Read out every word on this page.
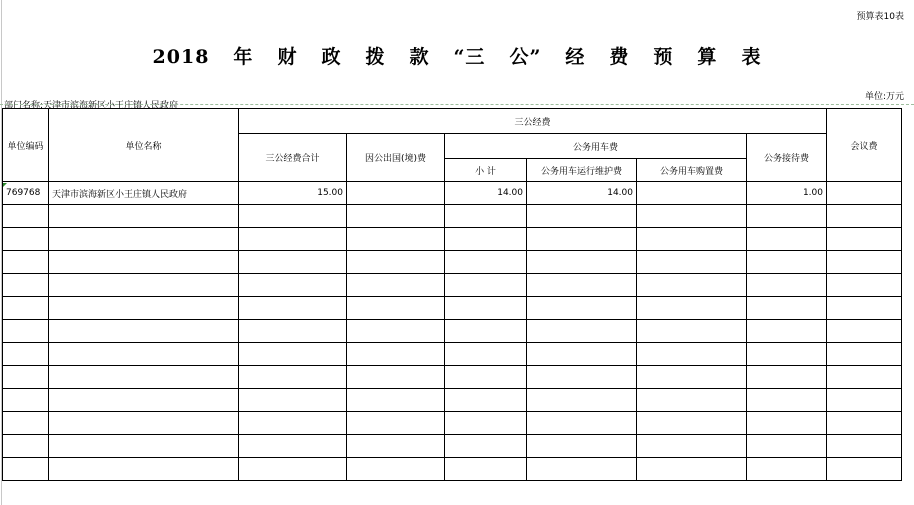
预算表10表
2018 年 财 政 拨 款 “三 公” 经 费 预 算 表
部门名称:天津市滨海新区小王庄镇人民政府
单位:万元
单位编码	单位名称	三公经费						会议费
		三公经费合计	因公出国(境)费	公务用车费			公务接待费	
				小 计	公务用车运行维护费	公务用车购置费		
769768	天津市滨海新区小王庄镇人民政府	15.00		14.00	14.00		1.00	
